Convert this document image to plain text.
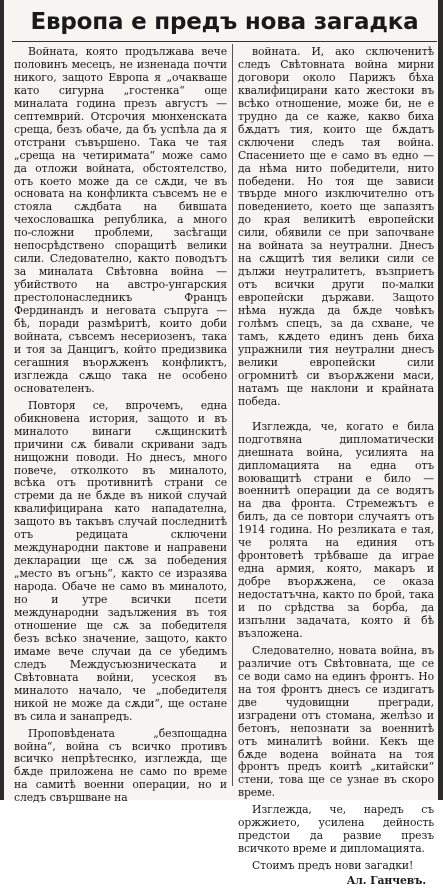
Европа е предъ нова загадка

Войната, която продължава вече половинъ месецъ, не изненада почти никого, защото Европа я „очакваше като сигурна „гостенка“ още миналата година презъ августъ — септемврий. Отсрочия мюнхенската среща, безъ обаче, да бъ успѣла да я отстрани съвършено. Така че тая „среща на четиримата“ може само да отложи войната, обстоятелство, отъ което може да се сѫди, че въ основата на конфликта съвсемъ не е стояла сѫдбата на бившата чехословашка република, а много по-сложни проблеми, засѣгащи непосрѣдствено споращитѣ велики сили. Следователно, както поводътъ за миналата Свѣтовна война — убийството на австро-унгарския престолонаследникъ Францъ Фердинандъ и неговата съпруга — бѣ, поради размѣритѣ, които доби войната, съвсемъ несериозенъ, така и тоя за Данцигъ, който предизвика сегашния въорѫженъ конфликтъ, изглежда сѫщо така не особено основателенъ.

Повторя се, впрочемъ, една обикновена история, защото и въ миналото винаги сѫщинскитѣ причини сѫ бивали скривани задъ нищожни поводи. Но днесъ, много повече, отколкото въ миналото, всѣка отъ противнитѣ страни се стреми да не бѫде въ никой случай квалифицирана като нападателна, защото въ такъвъ случай последнитѣ отъ редицата сключени международни пактове и направени декларации ще сѫ за победения „место въ огънь“, както се изразява народа. Обаче не само въ миналото, но и утре всички псети международни задължения въ тоя отношение ще сѫ за победителя безъ всѣко значение, защото, както имаме вече случаи да се убедимъ следъ Междусъюзническата и Свѣтовната войни, усескоя въ миналото начало, че „победителя никой не може да сѫди“, ще остане въ сила и занапредъ.

Проповѣдената „безпощадна война“, война съ всичко противъ всичко непрѣтеснко, изглежда, ще бѫде приложена не само по време на самитѣ военни операции, но и следъ свършване на

войната. И, ако сключенитѣ следъ Свѣтовната война мирни договори около Парижъ бѣха квалифицирани като жестоки въ всѣко отношение, може би, не е трудно да се каже, какво биха бѫдатъ тия, които ще бѫдатъ сключени следъ тая война. Спасението ще е само въ едно — да нѣма нито победители, нито победени. Но тоя ще зависи твърде много изключително отъ поведението, което ще запазятъ до края великитѣ европейски сили, обявили се при започване на войната за неутрални. Днесъ на сѫщитѣ тия велики сили се дължи неутралитетъ, възприетъ отъ всички други по-малки европейски държави. Защото нѣма нужда да бѫде човѣкъ голѣмъ спецъ, за да схване, че тамъ, кѫдето единъ день биха упражнили тия неутрални днесъ велики европейски сили огромнитѣ си въорѫжени маси, натамъ ще наклони и крайната победа.

Изглежда, че, когато е била подготвяна дипломатически днешната война, усилията на дипломацията на една отъ воюващитѣ страни е било — военнитѣ операции да се водятъ на два фронта. Стремежътъ е билъ, да се повтори случаятъ отъ 1914 година. Но резликата е тая, че ролята на единия отъ фронтоветѣ трѣбваше да играе една армия, която, макаръ и добре въорѫжена, се оказа недостатъчна, както по брой, така и по срѣдства за борба, да изпълни задачата, която й бѣ възложена.

Следователно, новата война, въ различие отъ Свѣтовната, ще се се води само на единъ фронтъ. Но на тоя фронтъ днесъ се издигатъ две чудовищни прегради, изградени отъ стомана, желѣзо и бетонъ, непознати за военнитѣ отъ миналитѣ войни. Кекъ ще бѫде водена войната на тоя фронтъ предъ коитѣ „китайски“ стени, това ще се узнае въ скоро време.

Изглежда, че, наредъ съ оржжието, усилена дейность предстои да развие презъ всичкото време и дипломацията.

Стоимъ предъ нови загадки!

Ал. Ганчевъ.
